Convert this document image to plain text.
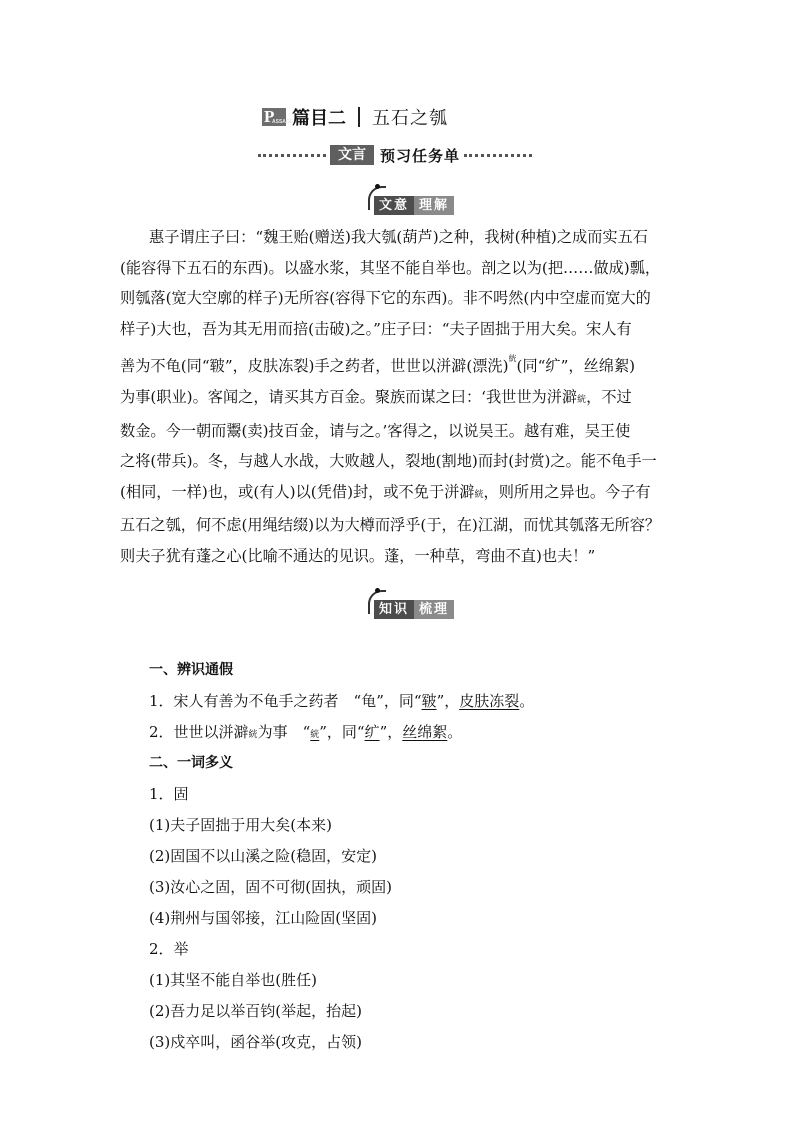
P
ASSAGE
篇目二 五石之瓠
文言 预习任务单
文意 理解
惠子谓庄子曰：“魏王贻(赠送)我大瓠(葫芦)之种，我树(种植)之成而实五石
(能容得下五石的东西)。以盛水浆，其坚不能自举也。剖之以为(把……做成)瓢，
则瓠落(宽大空廓的样子)无所容(容得下它的东西)。非不呺然(内中空虚而宽大的
样子)大也，吾为其无用而掊(击破)之。”庄子曰：“夫子固拙于用大矣。宋人有
善为不龟(同“皲”，皮肤冻裂)手之药者，世世以洴澼(漂洗)$^絖$(同“纩”，丝绵絮)
为事(职业)。客闻之，请买其方百金。聚族而谋之曰：‘我世世为洴澼絖，不过
数金。今一朝而鬻(卖)技百金，请与之。’客得之，以说吴王。越有难，吴王使
之将(带兵)。冬，与越人水战，大败越人，裂地(割地)而封(封赏)之。能不龟手一
(相同，一样)也，或(有人)以(凭借)封，或不免于洴澼絖，则所用之异也。今子有
五石之瓠，何不虑(用绳结缀)以为大樽而浮乎(于，在)江湖，而忧其瓠落无所容？
则夫子犹有蓬之心(比喻不通达的见识。蓬，一种草，弯曲不直)也夫！”
知识 梳理
一、辨识通假
1．宋人有善为不龟手之药者　“龟”，同“皲”，皮肤冻裂。
2．世世以洴澼絖为事　“絖”，同“纩”，丝绵絮。
二、一词多义
1．固
(1)夫子固拙于用大矣(本来)
(2)固国不以山溪之险(稳固，安定)
(3)汝心之固，固不可彻(固执，顽固)
(4)荆州与国邻接，江山险固(坚固)
2．举
(1)其坚不能自举也(胜任)
(2)吾力足以举百钧(举起，抬起)
(3)戍卒叫，函谷举(攻克，占领)
